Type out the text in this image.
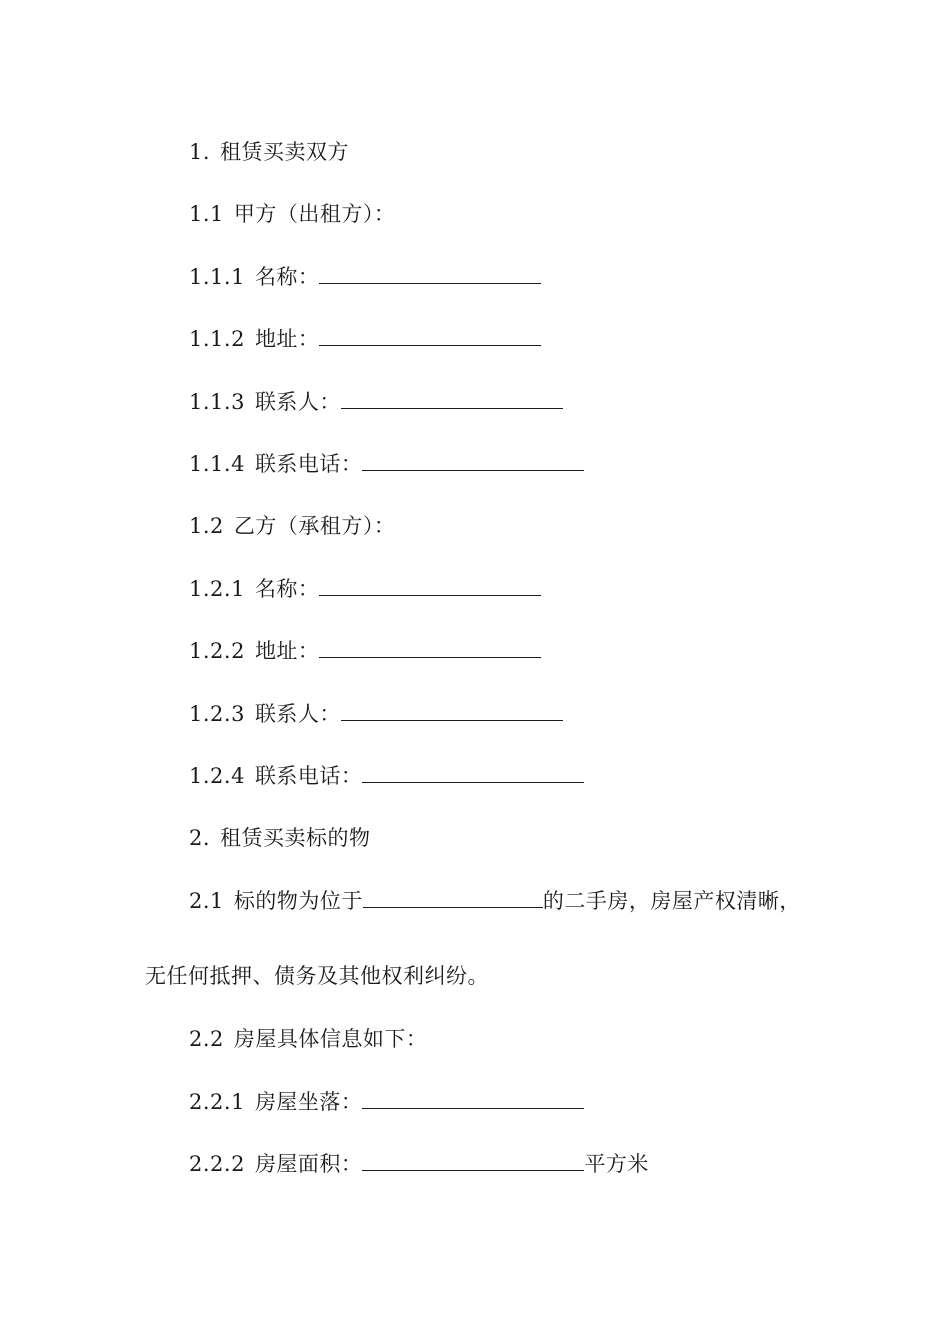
1. 租赁买卖双方
1.1 甲方（出租方）：
1.1.1 名称：
1.1.2 地址：
1.1.3 联系人：
1.1.4 联系电话：
1.2 乙方（承租方）：
1.2.1 名称：
1.2.2 地址：
1.2.3 联系人：
1.2.4 联系电话：
2. 租赁买卖标的物
2.1 标的物为位于	的二手房，房屋产权清晰，
无任何抵押、债务及其他权利纠纷。
2.2 房屋具体信息如下：
2.2.1 房屋坐落：
2.2.2 房屋面积：	平方米
